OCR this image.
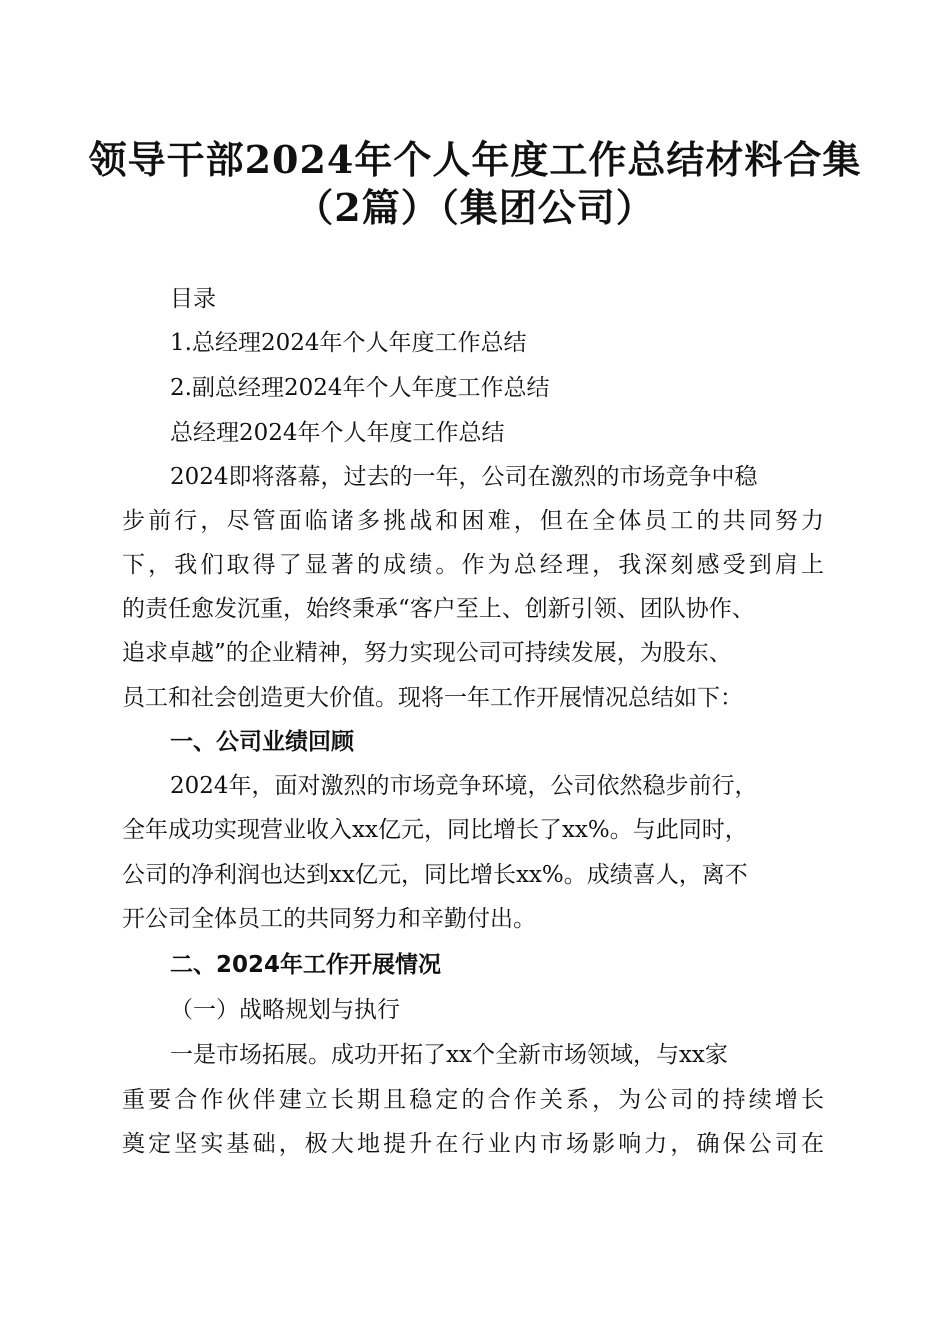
领导干部2024年个人年度工作总结材料合集
（2篇）（集团公司）
目录
1.总经理2024年个人年度工作总结
2.副总经理2024年个人年度工作总结
总经理2024年个人年度工作总结
2024即将落幕，过去的一年，公司在激烈的市场竞争中稳
步前行，尽管面临诸多挑战和困难，但在全体员工的共同努力
下，我们取得了显著的成绩。作为总经理，我深刻感受到肩上
的责任愈发沉重，始终秉承“客户至上、创新引领、团队协作、
追求卓越”的企业精神，努力实现公司可持续发展，为股东、
员工和社会创造更大价值。现将一年工作开展情况总结如下：
一、公司业绩回顾
2024年，面对激烈的市场竞争环境，公司依然稳步前行，
全年成功实现营业收入xx亿元，同比增长了xx%。与此同时，
公司的净利润也达到xx亿元，同比增长xx%。成绩喜人，离不
开公司全体员工的共同努力和辛勤付出。
二、2024年工作开展情况
（一）战略规划与执行
一是市场拓展。成功开拓了xx个全新市场领域，与xx家
重要合作伙伴建立长期且稳定的合作关系，为公司的持续增长
奠定坚实基础，极大地提升在行业内市场影响力，确保公司在
